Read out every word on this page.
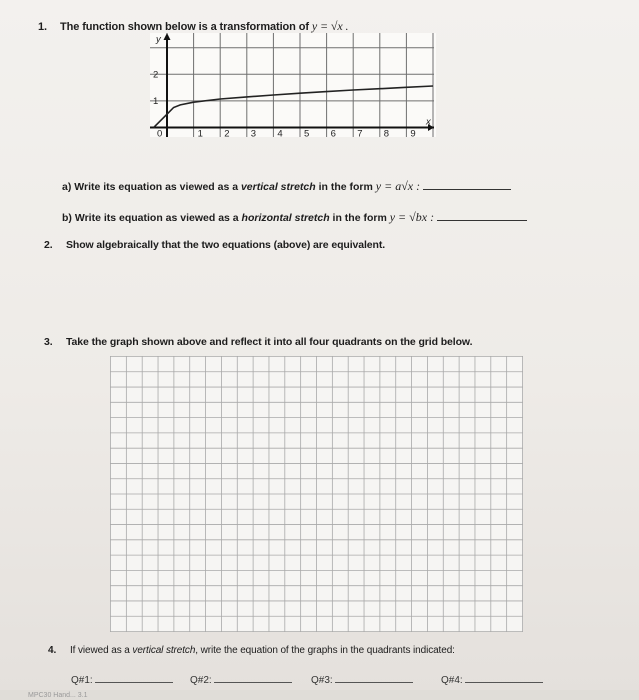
1. The function shown below is a transformation of y = √x .
0	1 2 3 4 5 6 7 8 9
2
1
y
x
a) Write its equation as viewed as a vertical stretch in the form y = a√x :
b) Write its equation as viewed as a horizontal stretch in the form y = √bx :
2. Show algebraically that the two equations (above) are equivalent.
3. Take the graph shown above and reflect it into all four quadrants on the grid below.
4. If viewed as a vertical stretch, write the equation of the graphs in the quadrants indicated:
Q#1:	Q#2:	Q#3:	Q#4:
MPC30 Hand... 3.1
